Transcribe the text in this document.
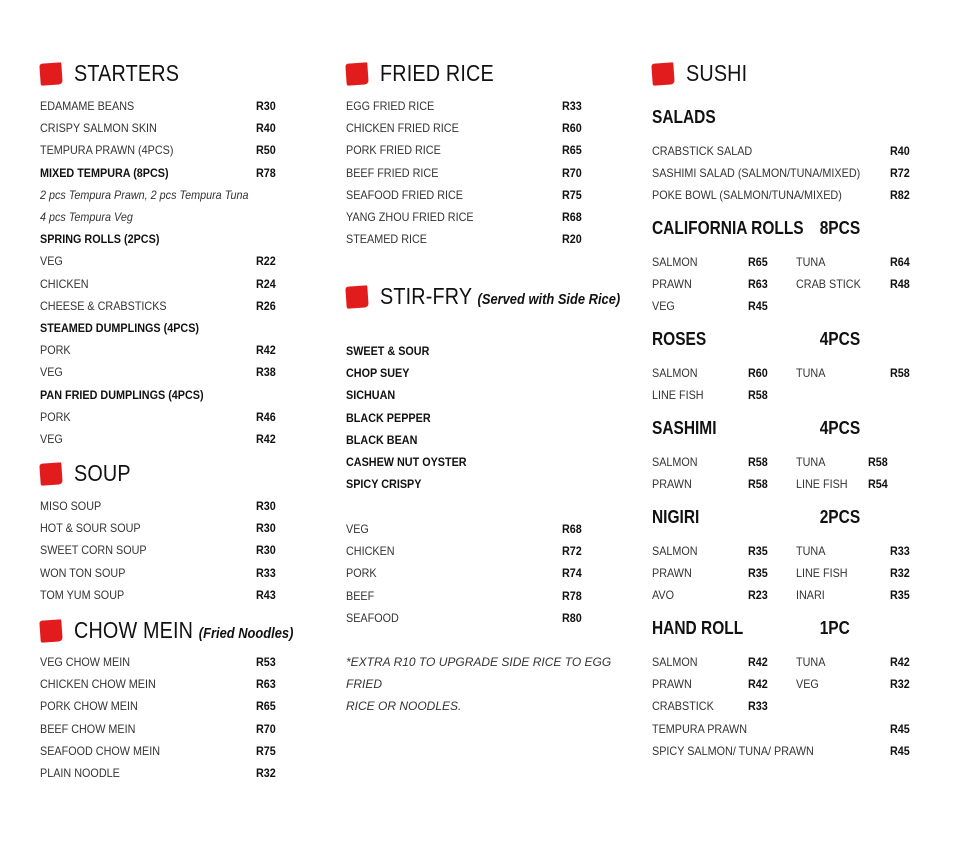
STARTERS
EDAMAME BEANS	R30
CRISPY SALMON SKIN	R40
TEMPURA PRAWN (4PCS)	R50
MIXED TEMPURA (8PCS)	R78
2 pcs Tempura Prawn, 2 pcs Tempura Tuna
4 pcs Tempura Veg
SPRING ROLLS (2PCS)
VEG	R22
CHICKEN	R24
CHEESE & CRABSTICKS	R26
STEAMED DUMPLINGS (4PCS)
PORK	R42
VEG	R38
PAN FRIED DUMPLINGS (4PCS)
PORK	R46
VEG	R42
SOUP
MISO SOUP	R30
HOT & SOUR SOUP	R30
SWEET CORN SOUP	R30
WON TON SOUP	R33
TOM YUM SOUP	R43
CHOW MEIN (Fried Noodles)
VEG CHOW MEIN	R53
CHICKEN CHOW MEIN	R63
PORK CHOW MEIN	R65
BEEF CHOW MEIN	R70
SEAFOOD CHOW MEIN	R75
PLAIN NOODLE	R32
FRIED RICE
EGG FRIED RICE	R33
CHICKEN FRIED RICE	R60
PORK FRIED RICE	R65
BEEF FRIED RICE	R70
SEAFOOD FRIED RICE	R75
YANG ZHOU FRIED RICE	R68
STEAMED RICE	R20
STIR-FRY (Served with Side Rice)
SWEET & SOUR
CHOP SUEY
SICHUAN
BLACK PEPPER
BLACK BEAN
CASHEW NUT OYSTER
SPICY CRISPY
VEG	R68
CHICKEN	R72
PORK	R74
BEEF	R78
SEAFOOD	R80
*EXTRA R10 TO UPGRADE SIDE RICE TO EGG FRIED
RICE OR NOODLES.
SUSHI
SALADS
CRABSTICK SALAD	R40
SASHIMI SALAD (SALMON/TUNA/MIXED) R72
POKE BOWL (SALMON/TUNA/MIXED)	R82
CALIFORNIA ROLLS 8PCS
SALMON	R65 TUNA	R64
PRAWN	R63 CRAB STICK R48
VEG	R45
ROSES	4PCS
SALMON	R60 TUNA	R58
LINE FISH	R58
SASHIMI	4PCS
SALMON	R58 TUNA	R58
PRAWN	R58 LINE FISH R54
NIGIRI	2PCS
SALMON	R35 TUNA	R33
PRAWN	R35 LINE FISH	R32
AVO	R23 INARI	R35
HAND ROLL	1PC
SALMON	R42 TUNA	R42
PRAWN	R42 VEG	R32
CRABSTICK	R33
TEMPURA PRAWN	R45
SPICY SALMON/ TUNA/ PRAWN	R45
